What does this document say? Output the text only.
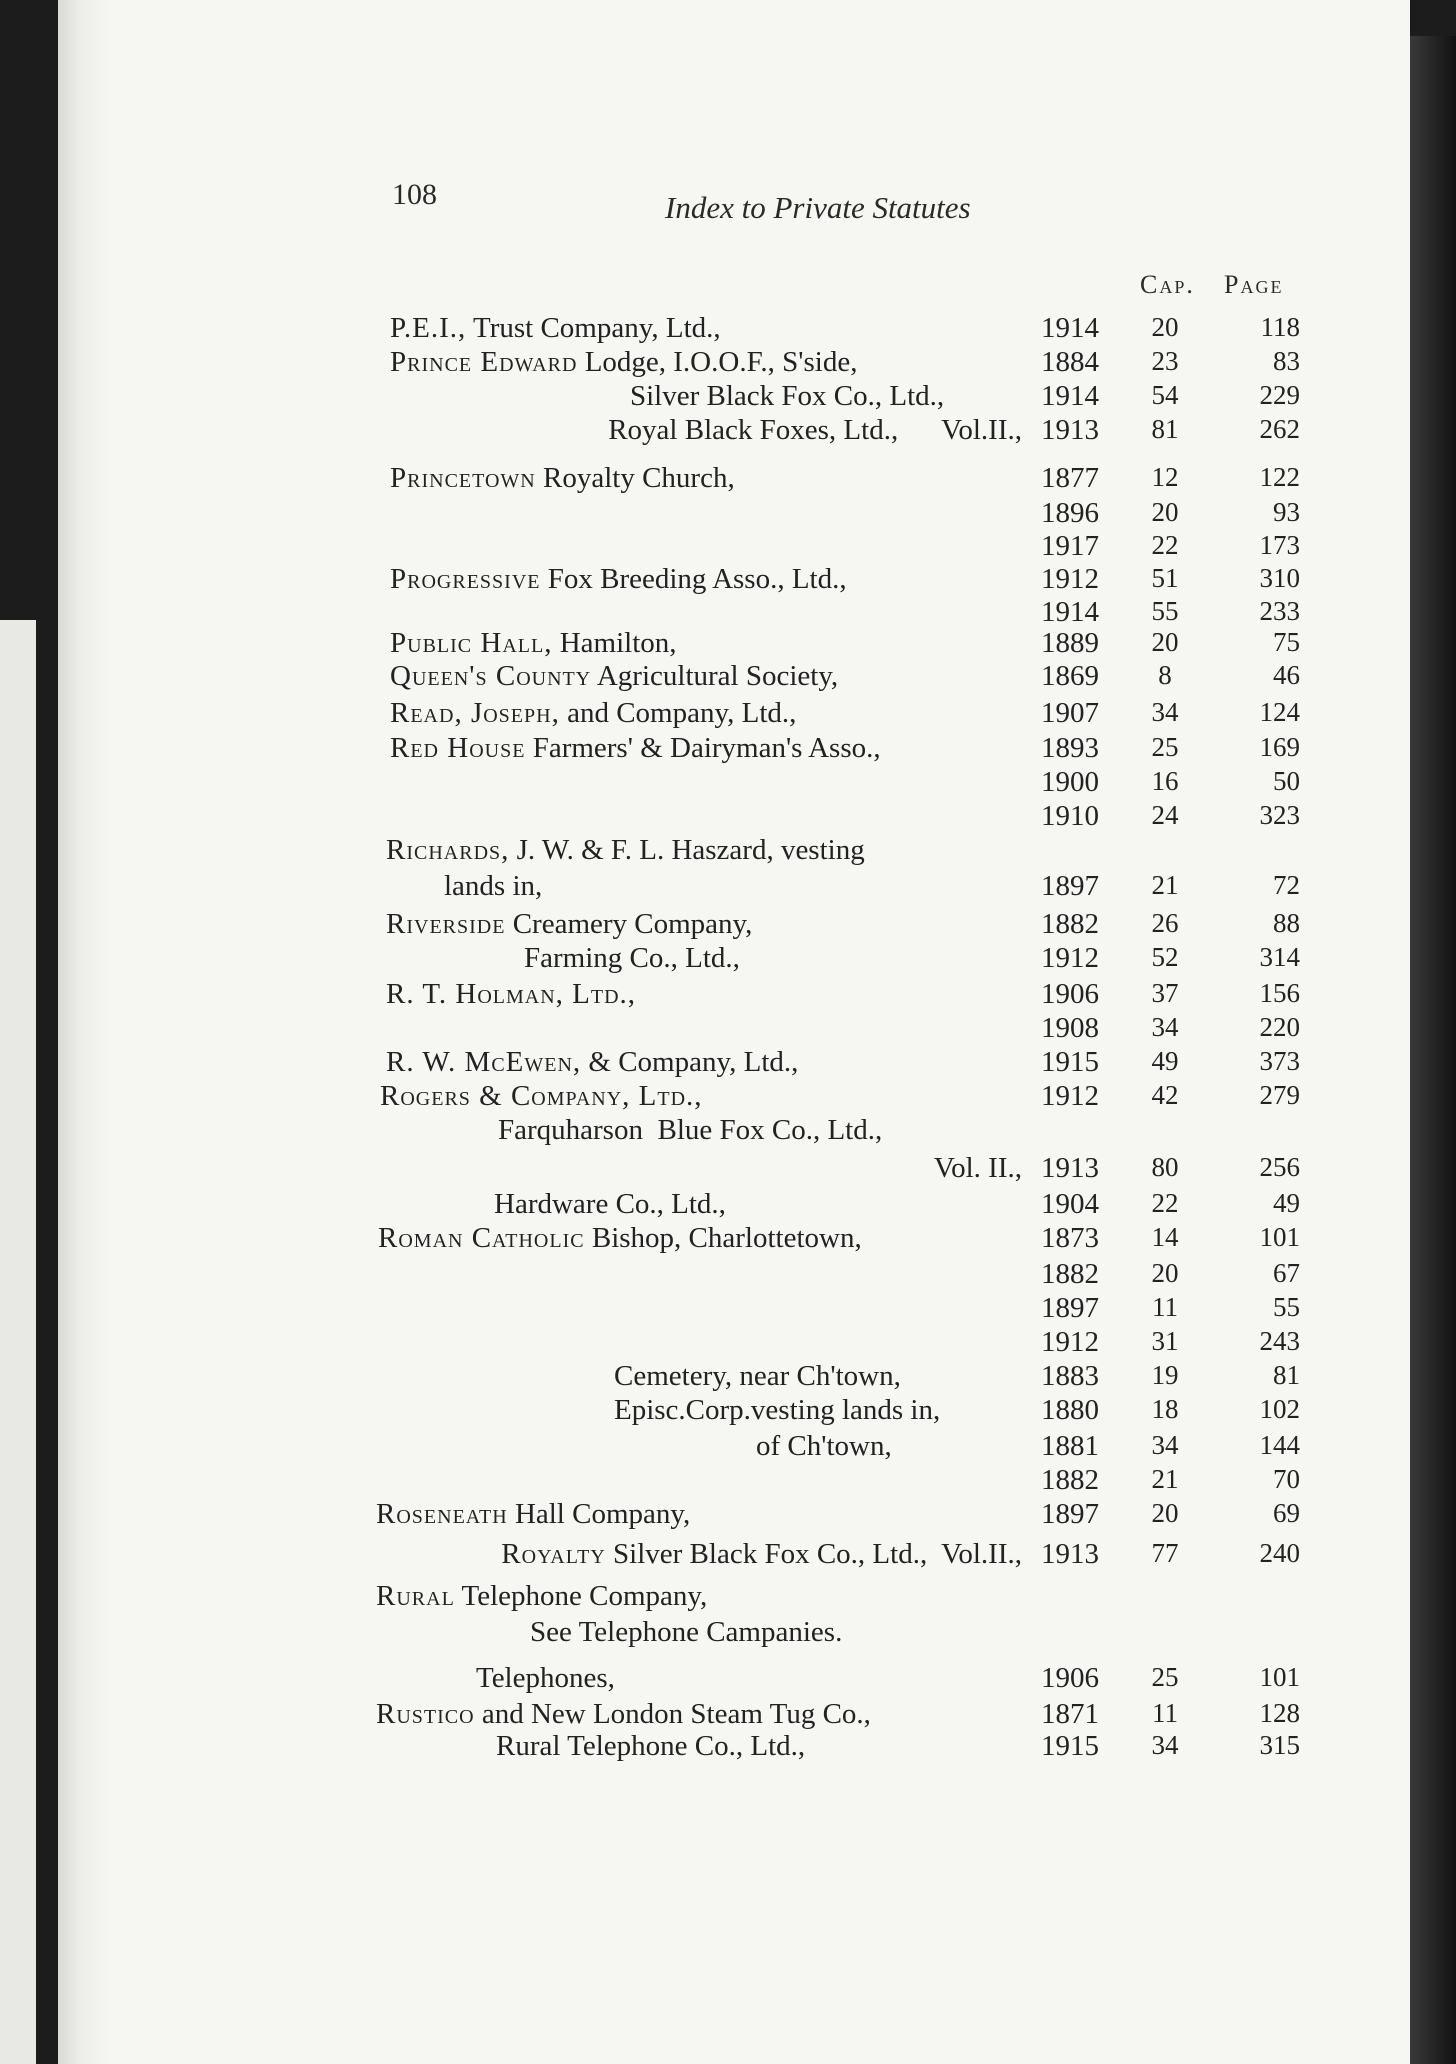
108	Index to Private Statutes
Cap. Page
P.E.I., Trust Company, Ltd.,	1914	20	118
Prince Edward Lodge, I.O.O.F., S'side,	1884	23	83
Silver Black Fox Co., Ltd.,	1914	54	229
Royal Black Foxes, Ltd.,      Vol.II., 1913	81	262
Princetown Royalty Church,	1877	12	122
1896	20	93
1917	22	173
Progressive Fox Breeding Asso., Ltd.,	1912	51	310
1914	55	233
Public Hall, Hamilton,	1889	20	75
Queen's County Agricultural Society,	1869	8	46
Read, Joseph, and Company, Ltd.,	1907	34	124
Red House Farmers' & Dairyman's Asso.,	1893	25	169
1900	16	50
1910	24	323
Richards, J. W. & F. L. Haszard, vesting
lands in,	1897	21	72
Riverside Creamery Company,	1882	26	88
Farming Co., Ltd.,	1912	52	314
R. T. Holman, Ltd.,	1906	37	156
1908	34	220
R. W. McEwen, & Company, Ltd.,	1915	49	373
Rogers & Company, Ltd.,	1912	42	279
Farquharson  Blue Fox Co., Ltd.,
Vol. II., 1913	80	256
Hardware Co., Ltd.,	1904	22	49
Roman Catholic Bishop, Charlottetown,	1873	14	101
1882	20	67
1897	11	55
1912	31	243
Cemetery, near Ch'town,	1883	19	81
Episc.Corp.vesting lands in,	1880	18	102
of Ch'town,	1881	34	144
1882	21	70
Roseneath Hall Company,	1897	20	69
Royalty Silver Black Fox Co., Ltd.,  Vol.II., 1913	77	240
Rural Telephone Company,
See Telephone Campanies.
Telephones,	1906	25	101
Rustico and New London Steam Tug Co.,	1871	11	128
Rural Telephone Co., Ltd.,	1915	34	315
